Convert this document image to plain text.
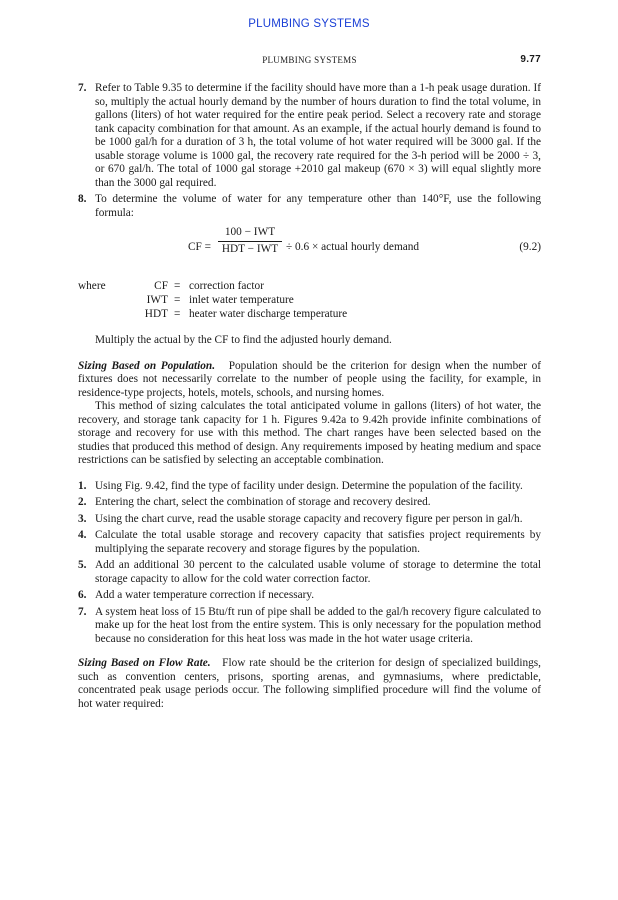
PLUMBING SYSTEMS
PLUMBING SYSTEMS	9.77
7. Refer to Table 9.35 to determine if the facility should have more than a 1-h peak usage duration. If so, multiply the actual hourly demand by the number of hours duration to find the total volume, in gallons (liters) of hot water required for the entire peak period. Select a recovery rate and storage tank capacity combination for that amount. As an example, if the actual hourly demand is found to be 1000 gal/h for a duration of 3 h, the total volume of hot water required will be 3000 gal. If the usable storage volume is 1000 gal, the recovery rate required for the 3-h period will be 2000 ÷ 3, or 670 gal/h. The total of 1000 gal storage +2010 gal makeup (670 × 3) will equal slightly more than the 3000 gal required.
8. To determine the volume of water for any temperature other than 140°F, use the following formula:
CF =
100 − IWT
HDT − IWT ÷ 0.6 × actual hourly demand	(9.2)
where	CF = correction factor
IWT = inlet water temperature
HDT = heater water discharge temperature

Multiply the actual by the CF to find the adjusted hourly demand.

Sizing Based on Population. Population should be the criterion for design when the number of fixtures does not necessarily correlate to the number of people using the facility, for example, in residence-type projects, hotels, motels, schools, and nursing homes.

This method of sizing calculates the total anticipated volume in gallons (liters) of hot water, the recovery, and storage tank capacity for 1 h. Figures 9.42a to 9.42h provide infinite combinations of storage and recovery for use with this method. The chart ranges have been selected based on the studies that produced this method of design. Any requirements imposed by heating medium and space restrictions can be satisfied by selecting an acceptable combination.

1. Using Fig. 9.42, find the type of facility under design. Determine the population of the facility.
2. Entering the chart, select the combination of storage and recovery desired.
3. Using the chart curve, read the usable storage capacity and recovery figure per person in gal/h.
4. Calculate the total usable storage and recovery capacity that satisfies project requirements by multiplying the separate recovery and storage figures by the population.
5. Add an additional 30 percent to the calculated usable volume of storage to determine the total storage capacity to allow for the cold water correction factor.
6. Add a water temperature correction if necessary.
7. A system heat loss of 15 Btu/ft run of pipe shall be added to the gal/h recovery figure calculated to make up for the heat lost from the entire system. This is only necessary for the population method because no consideration for this heat loss was made in the hot water usage criteria.

Sizing Based on Flow Rate. Flow rate should be the criterion for design of specialized buildings, such as convention centers, prisons, sporting arenas, and gymnasiums, where predictable, concentrated peak usage periods occur. The following simplified procedure will find the volume of hot water required:
